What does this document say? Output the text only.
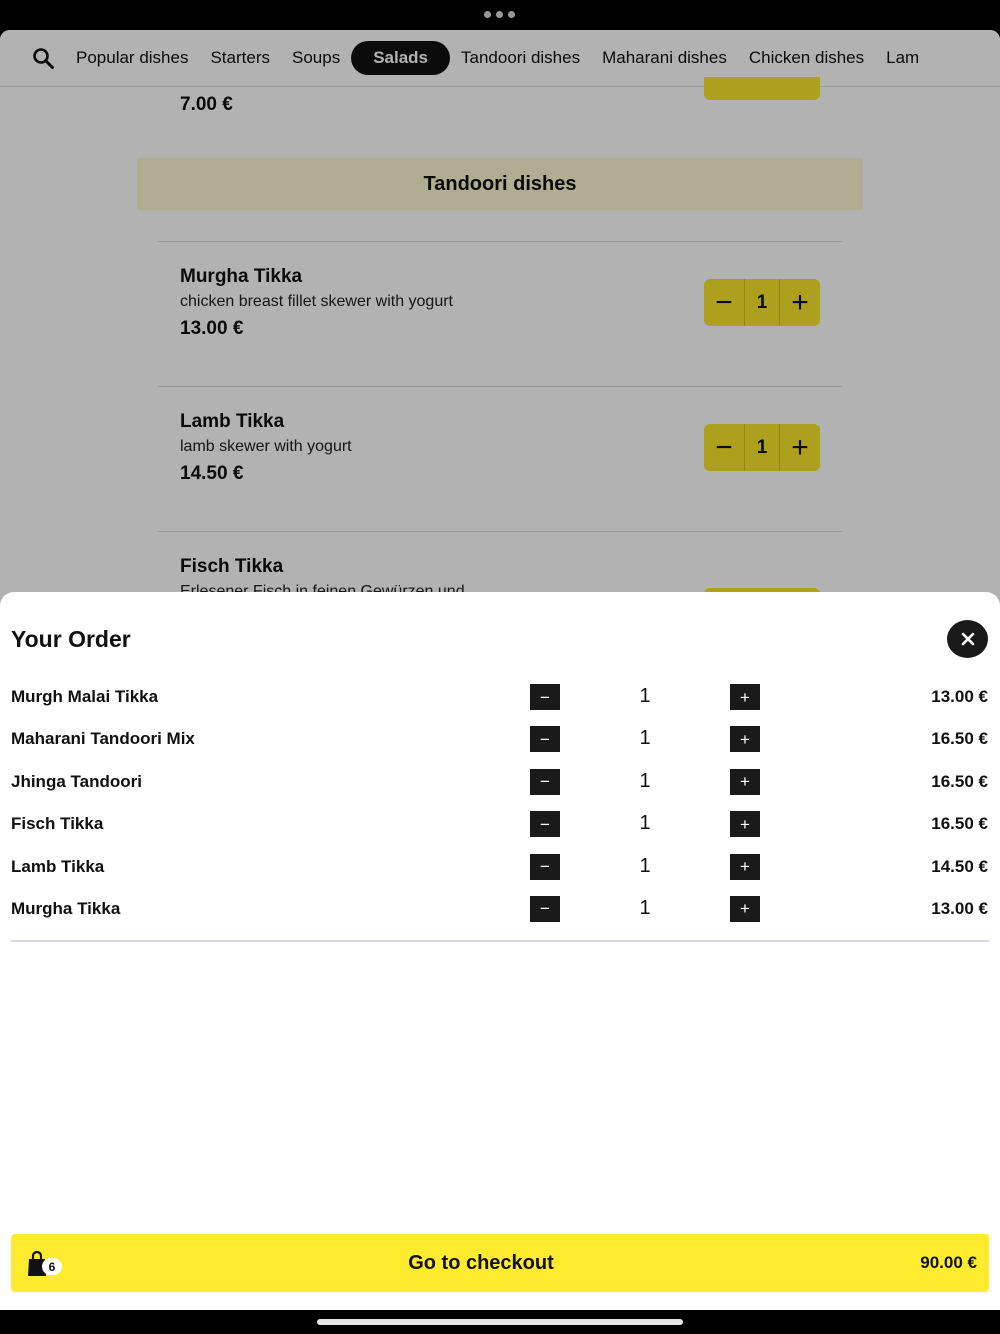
Popular dishes	Starters	Soups	Salads	Tandoori dishes	Maharani dishes	Chicken dishes	Lam
7.00 €
Tandoori dishes
Murgha Tikka
chicken breast fillet skewer with yogurt
13.00 €
−	1 +
Lamb Tikka
lamb skewer with yogurt
14.50 €
−	1 +
Fisch Tikka
Your Order
Murgh Malai Tikka	−	1	+	13.00 €
Maharani Tandoori Mix	−	1	+	16.50 €
Jhinga Tandoori	−	1	+	16.50 €
Fisch Tikka	−	1	+	16.50 €
Lamb Tikka	−	1	+	14.50 €
Murgha Tikka	−	1	+	13.00 €
6	Go to checkout	90.00 €
